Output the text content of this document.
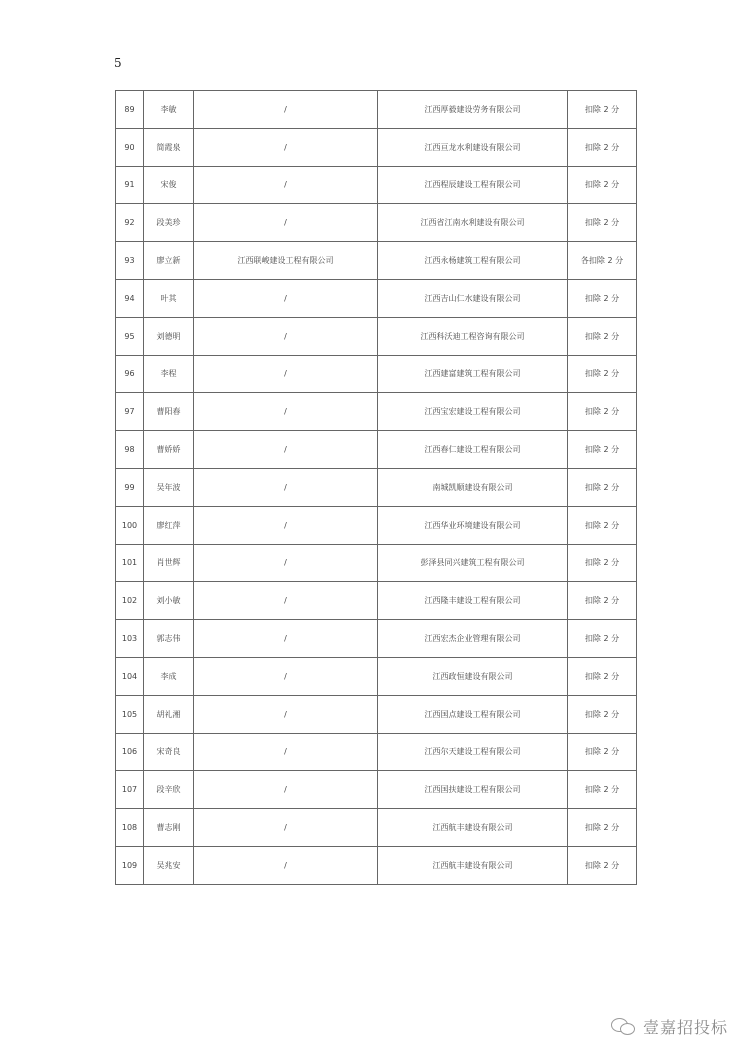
5
89	李敏	/	江西厚毅建设劳务有限公司	扣除 2 分
90	简霞泉	/	江西亘龙水利建设有限公司	扣除 2 分
91	宋俊	/	江西程辰建设工程有限公司	扣除 2 分
92	段美珍	/	江西省江南水利建设有限公司	扣除 2 分
93	廖立新	江西联峻建设工程有限公司	江西永杨建筑工程有限公司	各扣除 2 分
94	叶其	/	江西吉山仁水建设有限公司	扣除 2 分
95	刘德明	/	江西科沃迪工程咨询有限公司	扣除 2 分
96	李程	/	江西建富建筑工程有限公司	扣除 2 分
97	曹阳春	/	江西宝宏建设工程有限公司	扣除 2 分
98	曹娇娇	/	江西春仁建设工程有限公司	扣除 2 分
99	吴年波	/	南城凯顺建设有限公司	扣除 2 分
100	廖红萍	/	江西华业环境建设有限公司	扣除 2 分
101	肖世辉	/	彭泽县同兴建筑工程有限公司	扣除 2 分
102	刘小敏	/	江西隆丰建设工程有限公司	扣除 2 分
103	郭志伟	/	江西宏杰企业管理有限公司	扣除 2 分
104	李成	/	江西政恒建设有限公司	扣除 2 分
105	胡礼湘	/	江西国点建设工程有限公司	扣除 2 分
106	宋奇良	/	江西尔天建设工程有限公司	扣除 2 分
107	段辛欣	/	江西国扶建设工程有限公司	扣除 2 分
108	曹志刚	/	江西航丰建设有限公司	扣除 2 分
109	吴兆安	/	江西航丰建设有限公司	扣除 2 分
壹嘉招投标
